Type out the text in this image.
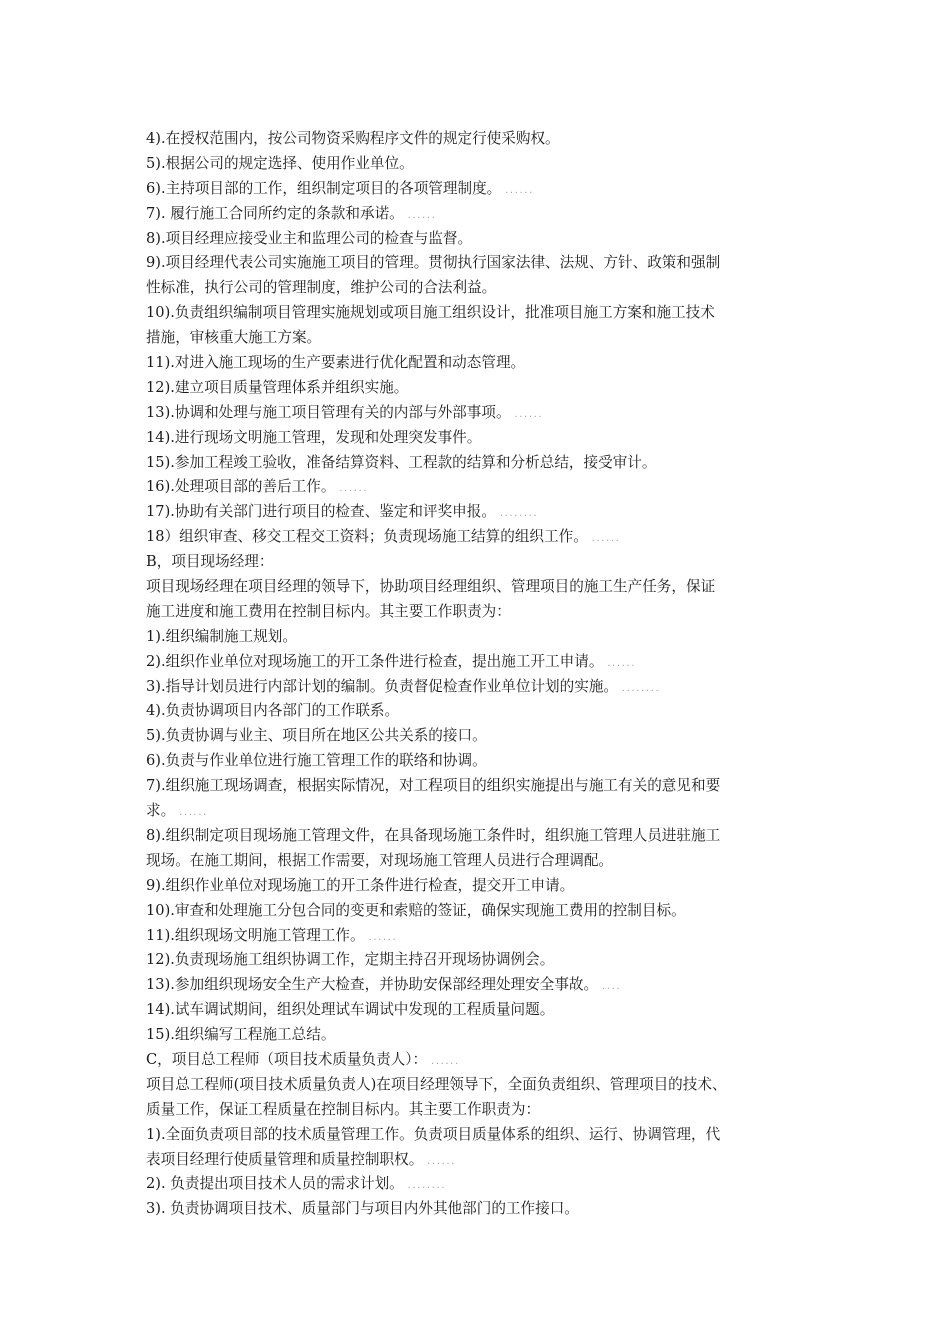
4).在授权范围内，按公司物资采购程序文件的规定行使采购权。
5).根据公司的规定选择、使用作业单位。
6).主持项目部的工作，组织制定项目的各项管理制度。 ......
7). 履行施工合同所约定的条款和承诺。 ......
8).项目经理应接受业主和监理公司的检查与监督。
9).项目经理代表公司实施施工项目的管理。贯彻执行国家法律、法规、方针、政策和强制
性标准，执行公司的管理制度，维护公司的合法利益。
10).负责组织编制项目管理实施规划或项目施工组织设计，批准项目施工方案和施工技术
措施，审核重大施工方案。
11).对进入施工现场的生产要素进行优化配置和动态管理。
12).建立项目质量管理体系并组织实施。
13).协调和处理与施工项目管理有关的内部与外部事项。 ......
14).进行现场文明施工管理，发现和处理突发事件。
15).参加工程竣工验收，准备结算资料、工程款的结算和分析总结，接受审计。
16).处理项目部的善后工作。 ......
17).协助有关部门进行项目的检查、鉴定和评奖申报。 ........
18）组织审查、移交工程交工资料；负责现场施工结算的组织工作。 ......
B，项目现场经理：
项目现场经理在项目经理的领导下，协助项目经理组织、管理项目的施工生产任务，保证
施工进度和施工费用在控制目标内。其主要工作职责为：
1).组织编制施工规划。
2).组织作业单位对现场施工的开工条件进行检查，提出施工开工申请。 ......
3).指导计划员进行内部计划的编制。负责督促检查作业单位计划的实施。 ........
4).负责协调项目内各部门的工作联系。
5).负责协调与业主、项目所在地区公共关系的接口。
6).负责与作业单位进行施工管理工作的联络和协调。
7).组织施工现场调查，根据实际情况，对工程项目的组织实施提出与施工有关的意见和要
求。 ......
8).组织制定项目现场施工管理文件，在具备现场施工条件时，组织施工管理人员进驻施工
现场。在施工期间，根据工作需要，对现场施工管理人员进行合理调配。
9).组织作业单位对现场施工的开工条件进行检查，提交开工申请。
10).审查和处理施工分包合同的变更和索赔的签证，确保实现施工费用的控制目标。
11).组织现场文明施工管理工作。 ......
12).负责现场施工组织协调工作，定期主持召开现场协调例会。
13).参加组织现场安全生产大检查，并协助安保部经理处理安全事故。 ....
14).试车调试期间，组织处理试车调试中发现的工程质量问题。
15).组织编写工程施工总结。
C，项目总工程师（项目技术质量负责人）： ......
项目总工程师(项目技术质量负责人)在项目经理领导下，全面负责组织、管理项目的技术、
质量工作，保证工程质量在控制目标内。其主要工作职责为：
1).全面负责项目部的技术质量管理工作。负责项目质量体系的组织、运行、协调管理，代
表项目经理行使质量管理和质量控制职权。 ......
2). 负责提出项目技术人员的需求计划。 ........
3). 负责协调项目技术、质量部门与项目内外其他部门的工作接口。
